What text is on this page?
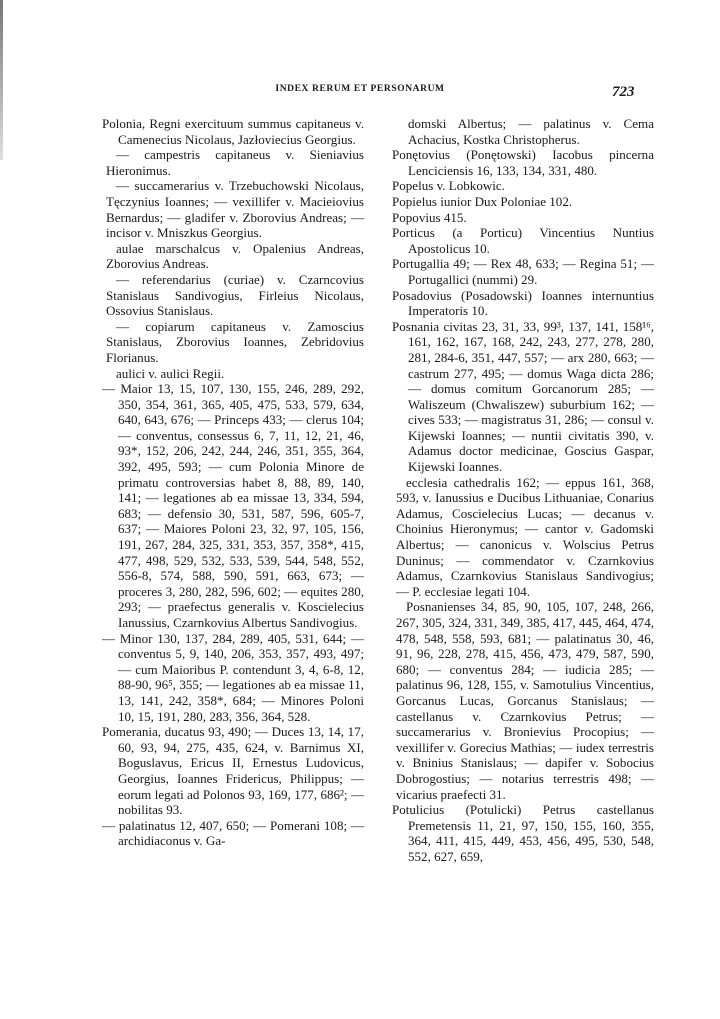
INDEX RERUM ET PERSONARUM	723

Polonia, Regni exercituum summus capitaneus v. Camenecius Nicolaus, Jazłoviecius Georgius.

— campestris capitaneus v. Sieniavius Hieronimus.

— succamerarius v. Trzebuchowski Nicolaus, Tęczynius Ioannes; — vexillifer v. Macieiovius Bernardus; — gladifer v. Zborovius Andreas; — incisor v. Mniszkus Georgius.

aulae marschalcus v. Opalenius Andreas, Zborovius Andreas.

— referendarius (curiae) v. Czarncovius Stanislaus Sandivogius, Firleius Nicolaus, Ossovius Stanislaus.

— copiarum capitaneus v. Zamoscius Stanislaus, Zborovius Ioannes, Zebridovius Florianus.

aulici v. aulici Regii.

— Maior 13, 15, 107, 130, 155, 246, 289, 292, 350, 354, 361, 365, 405, 475, 533, 579, 634, 640, 643, 676; — Princeps 433; — clerus 104; — conventus, consessus 6, 7, 11, 12, 21, 46, 93*, 152, 206, 242, 244, 246, 351, 355, 364, 392, 495, 593; — cum Polonia Minore de primatu controversias habet 8, 88, 89, 140, 141; — legationes ab ea missae 13, 334, 594, 683; — defensio 30, 531, 587, 596, 605-7, 637; — Maiores Poloni 23, 32, 97, 105, 156, 191, 267, 284, 325, 331, 353, 357, 358*, 415, 477, 498, 529, 532, 533, 539, 544, 548, 552, 556-8, 574, 588, 590, 591, 663, 673; — proceres 3, 280, 282, 596, 602; — equites 280, 293; — praefectus generalis v. Koscielecius Ianussius, Czarnkovius Albertus Sandivogius.

— Minor 130, 137, 284, 289, 405, 531, 644; — conventus 5, 9, 140, 206, 353, 357, 493, 497; — cum Maioribus P. contendunt 3, 4, 6-8, 12, 88-90, 96⁵, 355; — legationes ab ea missae 11, 13, 141, 242, 358*, 684; — Minores Poloni 10, 15, 191, 280, 283, 356, 364, 528.

Pomerania, ducatus 93, 490; — Duces 13, 14, 17, 60, 93, 94, 275, 435, 624, v. Barnimus XI, Boguslavus, Ericus II, Ernestus Ludovicus, Georgius, Ioannes Fridericus, Philippus; — eorum legati ad Polonos 93, 169, 177, 686²; — nobilitas 93.

— palatinatus 12, 407, 650; — Pomerani 108; — archidiaconus v. Ga-

domski Albertus; — palatinus v. Cema Achacius, Kostka Christopherus.

Ponętovius (Ponętowski) Iacobus pincerna Lenciciensis 16, 133, 134, 331, 480.

Popelus v. Lobkowic.

Popielus iunior Dux Poloniae 102.

Popovius 415.

Porticus (a Porticu) Vincentius Nuntius Apostolicus 10.

Portugallia 49; — Rex 48, 633; — Regina 51; — Portugallici (nummi) 29.

Posadovius (Posadowski) Ioannes internuntius Imperatoris 10.

Posnania civitas 23, 31, 33, 99³, 137, 141, 158¹⁶, 161, 162, 167, 168, 242, 243, 277, 278, 280, 281, 284-6, 351, 447, 557; — arx 280, 663; — castrum 277, 495; — domus Waga dicta 286; — domus comitum Gorcanorum 285; — Waliszeum (Chwaliszew) suburbium 162; — cives 533; — magistratus 31, 286; — consul v. Kijewski Ioannes; — nuntii civitatis 390, v. Adamus doctor medicinae, Goscius Gaspar, Kijewski Ioannes.

ecclesia cathedralis 162; — eppus 161, 368, 593, v. Ianussius e Ducibus Lithuaniae, Conarius Adamus, Coscielecius Lucas; — decanus v. Choinius Hieronymus; — cantor v. Gadomski Albertus; — canonicus v. Wolscius Petrus Duninus; — commendator v. Czarnkovius Adamus, Czarnkovius Stanislaus Sandivogius; — P. ecclesiae legati 104.

Posnanienses 34, 85, 90, 105, 107, 248, 266, 267, 305, 324, 331, 349, 385, 417, 445, 464, 474, 478, 548, 558, 593, 681; — palatinatus 30, 46, 91, 96, 228, 278, 415, 456, 473, 479, 587, 590, 680; — conventus 284; — iudicia 285; — palatinus 96, 128, 155, v. Samotulius Vincentius, Gorcanus Lucas, Gorcanus Stanislaus; — castellanus v. Czarnkovius Petrus; — succamerarius v. Bronievius Procopius; — vexillifer v. Gorecius Mathias; — iudex terrestris v. Bninius Stanislaus; — dapifer v. Sobocius Dobrogostius; — notarius terrestris 498; — vicarius praefecti 31.

Potulicius (Potulicki) Petrus castellanus Premetensis 11, 21, 97, 150, 155, 160, 355, 364, 411, 415, 449, 453, 456, 495, 530, 548, 552, 627, 659,
